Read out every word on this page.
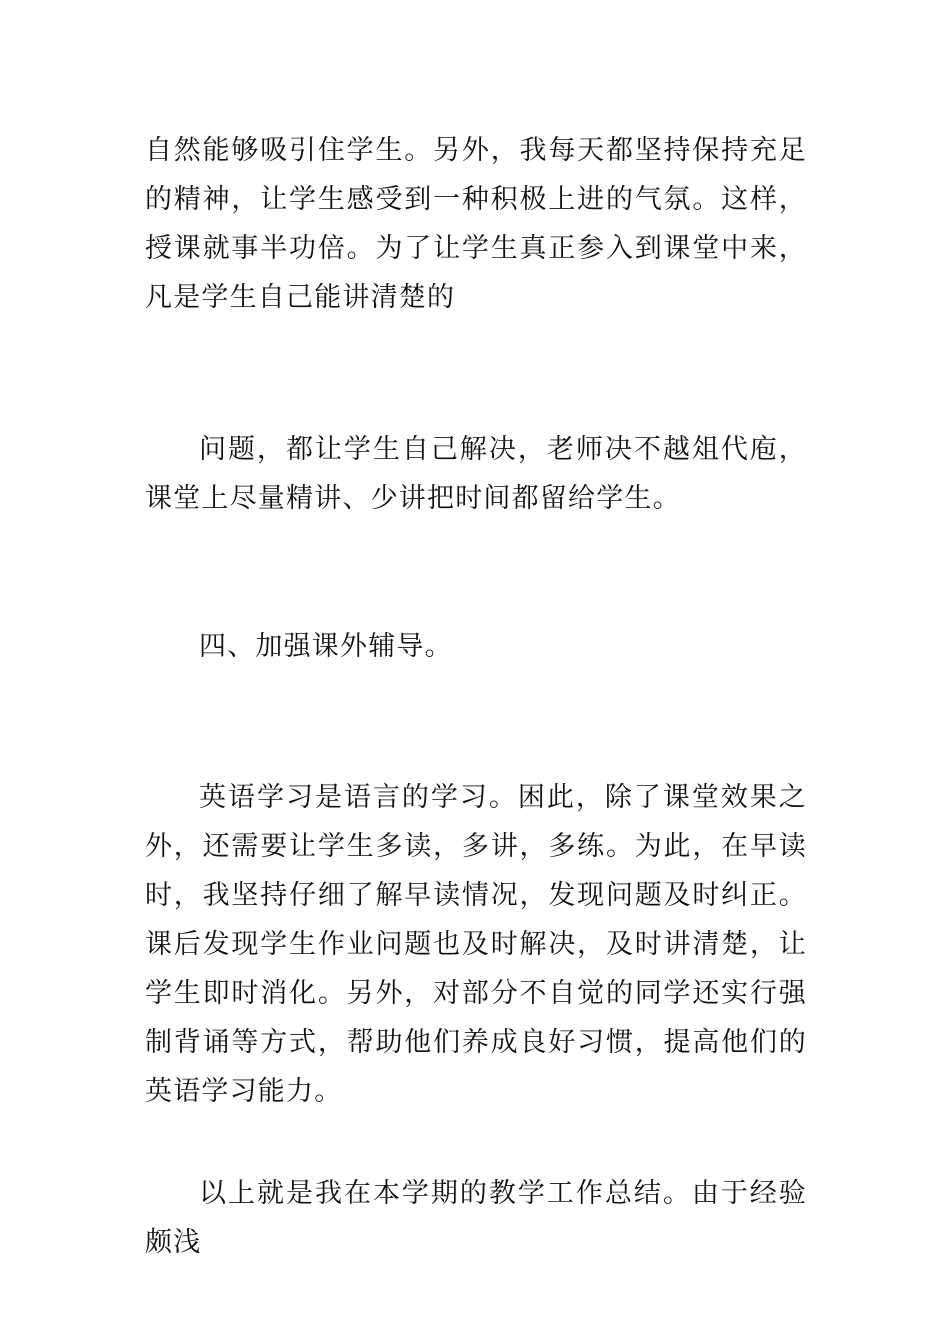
自然能够吸引住学生。另外，我每天都坚持保持充足的精神，让学生感受到一种积极上进的气氛。这样，授课就事半功倍。为了让学生真正参入到课堂中来，凡是学生自己能讲清楚的

问题，都让学生自己解决，老师决不越俎代庖，课堂上尽量精讲、少讲把时间都留给学生。

四、加强课外辅导。

英语学习是语言的学习。困此，除了课堂效果之外，还需要让学生多读，多讲，多练。为此，在早读时，我坚持仔细了解早读情况，发现问题及时纠正。课后发现学生作业问题也及时解决，及时讲清楚，让学生即时消化。另外，对部分不自觉的同学还实行强制背诵等方式，帮助他们养成良好习惯，提高他们的英语学习能力。

以上就是我在本学期的教学工作总结。由于经验颇浅
